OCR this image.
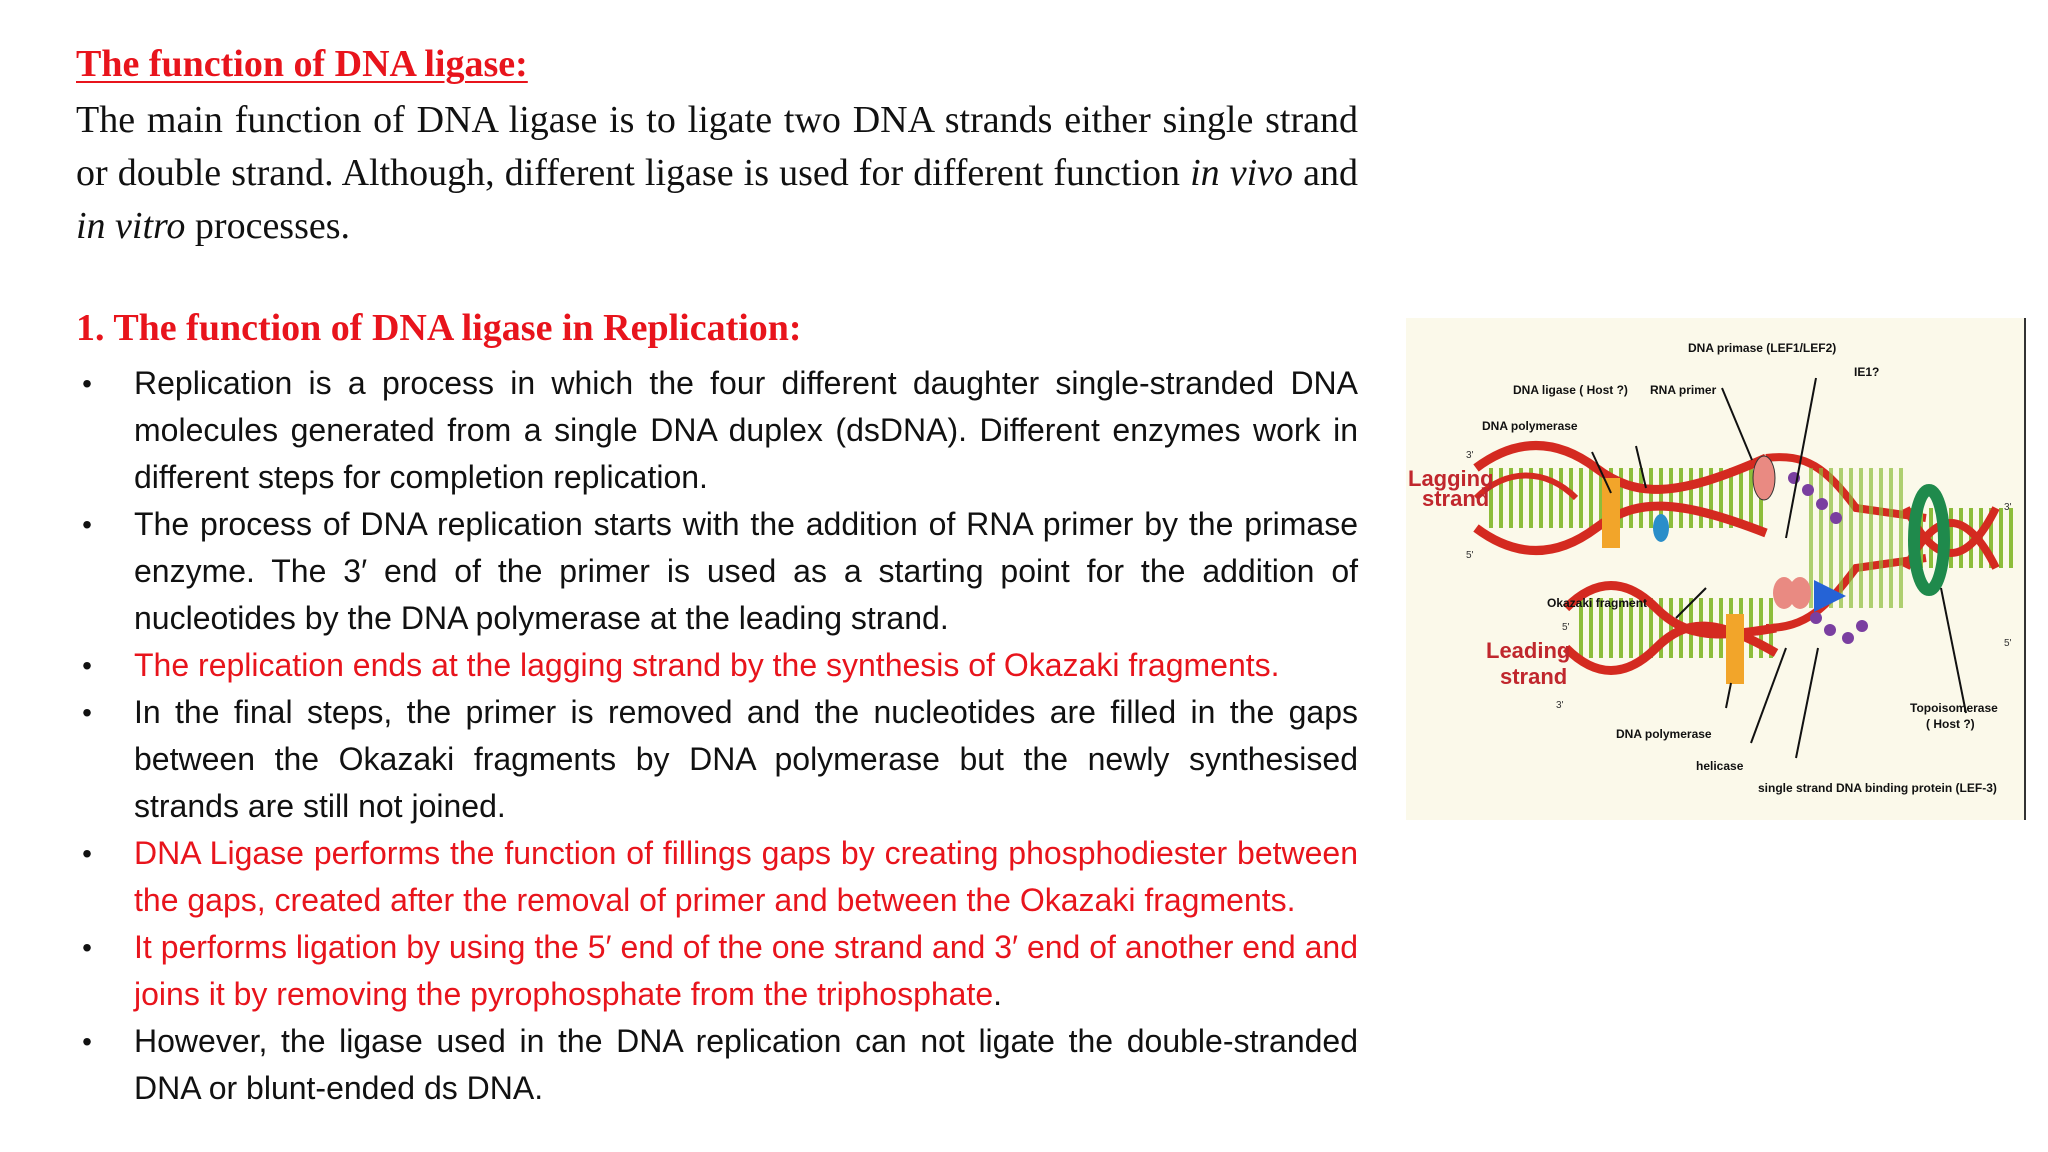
The function of DNA ligase:

The main function of DNA ligase is to ligate two DNA strands either single strand or double strand. Although, different ligase is used for different function in vivo and in vitro processes.

1. The function of DNA ligase in Replication:
• Replication is a process in which the four different daughter single-stranded DNA molecules generated from a single DNA duplex (dsDNA). Different enzymes work in different steps for completion replication.
• The process of DNA replication starts with the addition of RNA primer by the primase enzyme. The 3′ end of the primer is used as a starting point for the addition of nucleotides by the DNA polymerase at the leading strand.
• The replication ends at the lagging strand by the synthesis of Okazaki fragments.
• In the final steps, the primer is removed and the nucleotides are filled in the gaps between the Okazaki fragments by DNA polymerase but the newly synthesised strands are still not joined.
• DNA Ligase performs the function of fillings gaps by creating phosphodiester between the gaps, created after the removal of primer and between the Okazaki fragments.
• It performs ligation by using the 5′ end of the one strand and 3′ end of another end and joins it by removing the pyrophosphate from the triphosphate.
• However, the ligase used in the DNA replication can not ligate the double-stranded DNA or blunt-ended ds DNA.
DNA primase (LEF1/LEF2)
DNA ligase ( Host ?) RNA primer
IE1?
DNA polymerase
Lagging
strand
Okazaki fragment
Leading
strand
DNA polymerase
helicase
Topoisomerase
( Host ?)
single strand DNA binding protein (LEF-3)
3'
5'
5'
3'
3'
5'
